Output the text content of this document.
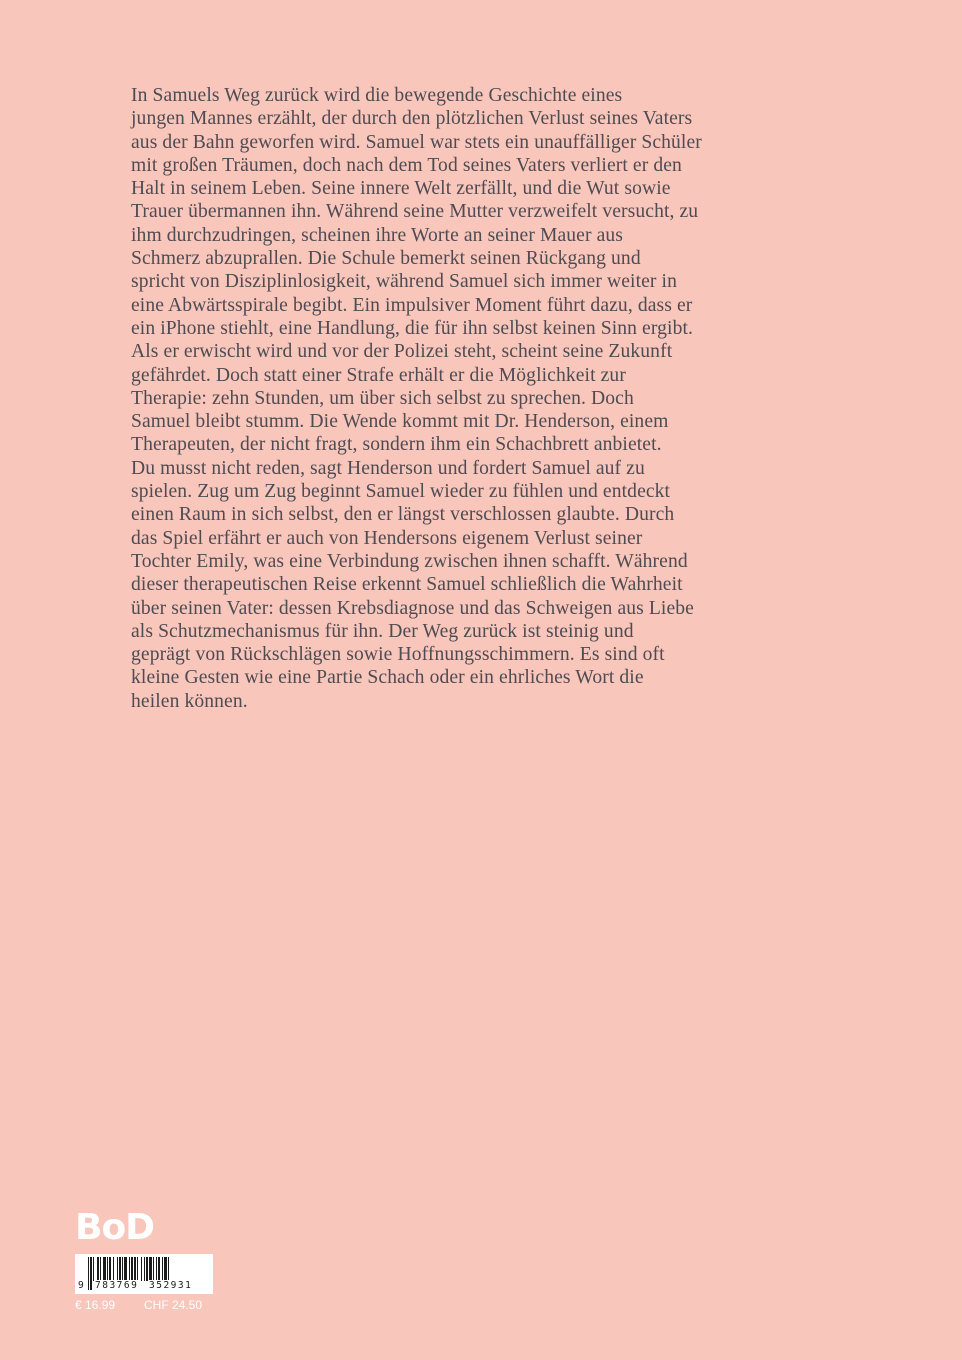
In Samuels Weg zurück wird die bewegende Geschichte eines
jungen Mannes erzählt, der durch den plötzlichen Verlust seines Vaters
aus der Bahn geworfen wird. Samuel war stets ein unauffälliger Schüler
mit großen Träumen, doch nach dem Tod seines Vaters verliert er den
Halt in seinem Leben. Seine innere Welt zerfällt, und die Wut sowie
Trauer übermannen ihn. Während seine Mutter verzweifelt versucht, zu
ihm durchzudringen, scheinen ihre Worte an seiner Mauer aus
Schmerz abzuprallen. Die Schule bemerkt seinen Rückgang und
spricht von Disziplinlosigkeit, während Samuel sich immer weiter in
eine Abwärtsspirale begibt. Ein impulsiver Moment führt dazu, dass er
ein iPhone stiehlt, eine Handlung, die für ihn selbst keinen Sinn ergibt.
Als er erwischt wird und vor der Polizei steht, scheint seine Zukunft
gefährdet. Doch statt einer Strafe erhält er die Möglichkeit zur
Therapie: zehn Stunden, um über sich selbst zu sprechen. Doch
Samuel bleibt stumm. Die Wende kommt mit Dr. Henderson, einem
Therapeuten, der nicht fragt, sondern ihm ein Schachbrett anbietet.
Du musst nicht reden, sagt Henderson und fordert Samuel auf zu
spielen. Zug um Zug beginnt Samuel wieder zu fühlen und entdeckt
einen Raum in sich selbst, den er längst verschlossen glaubte. Durch
das Spiel erfährt er auch von Hendersons eigenem Verlust seiner
Tochter Emily, was eine Verbindung zwischen ihnen schafft. Während
dieser therapeutischen Reise erkennt Samuel schließlich die Wahrheit
über seinen Vater: dessen Krebsdiagnose und das Schweigen aus Liebe
als Schutzmechanismus für ihn. Der Weg zurück ist steinig und
geprägt von Rückschlägen sowie Hoffnungsschimmern. Es sind oft
kleine Gesten wie eine Partie Schach oder ein ehrliches Wort die
heilen können.
BoD
9 783769 352931
€ 16.99 CHF 24.50
